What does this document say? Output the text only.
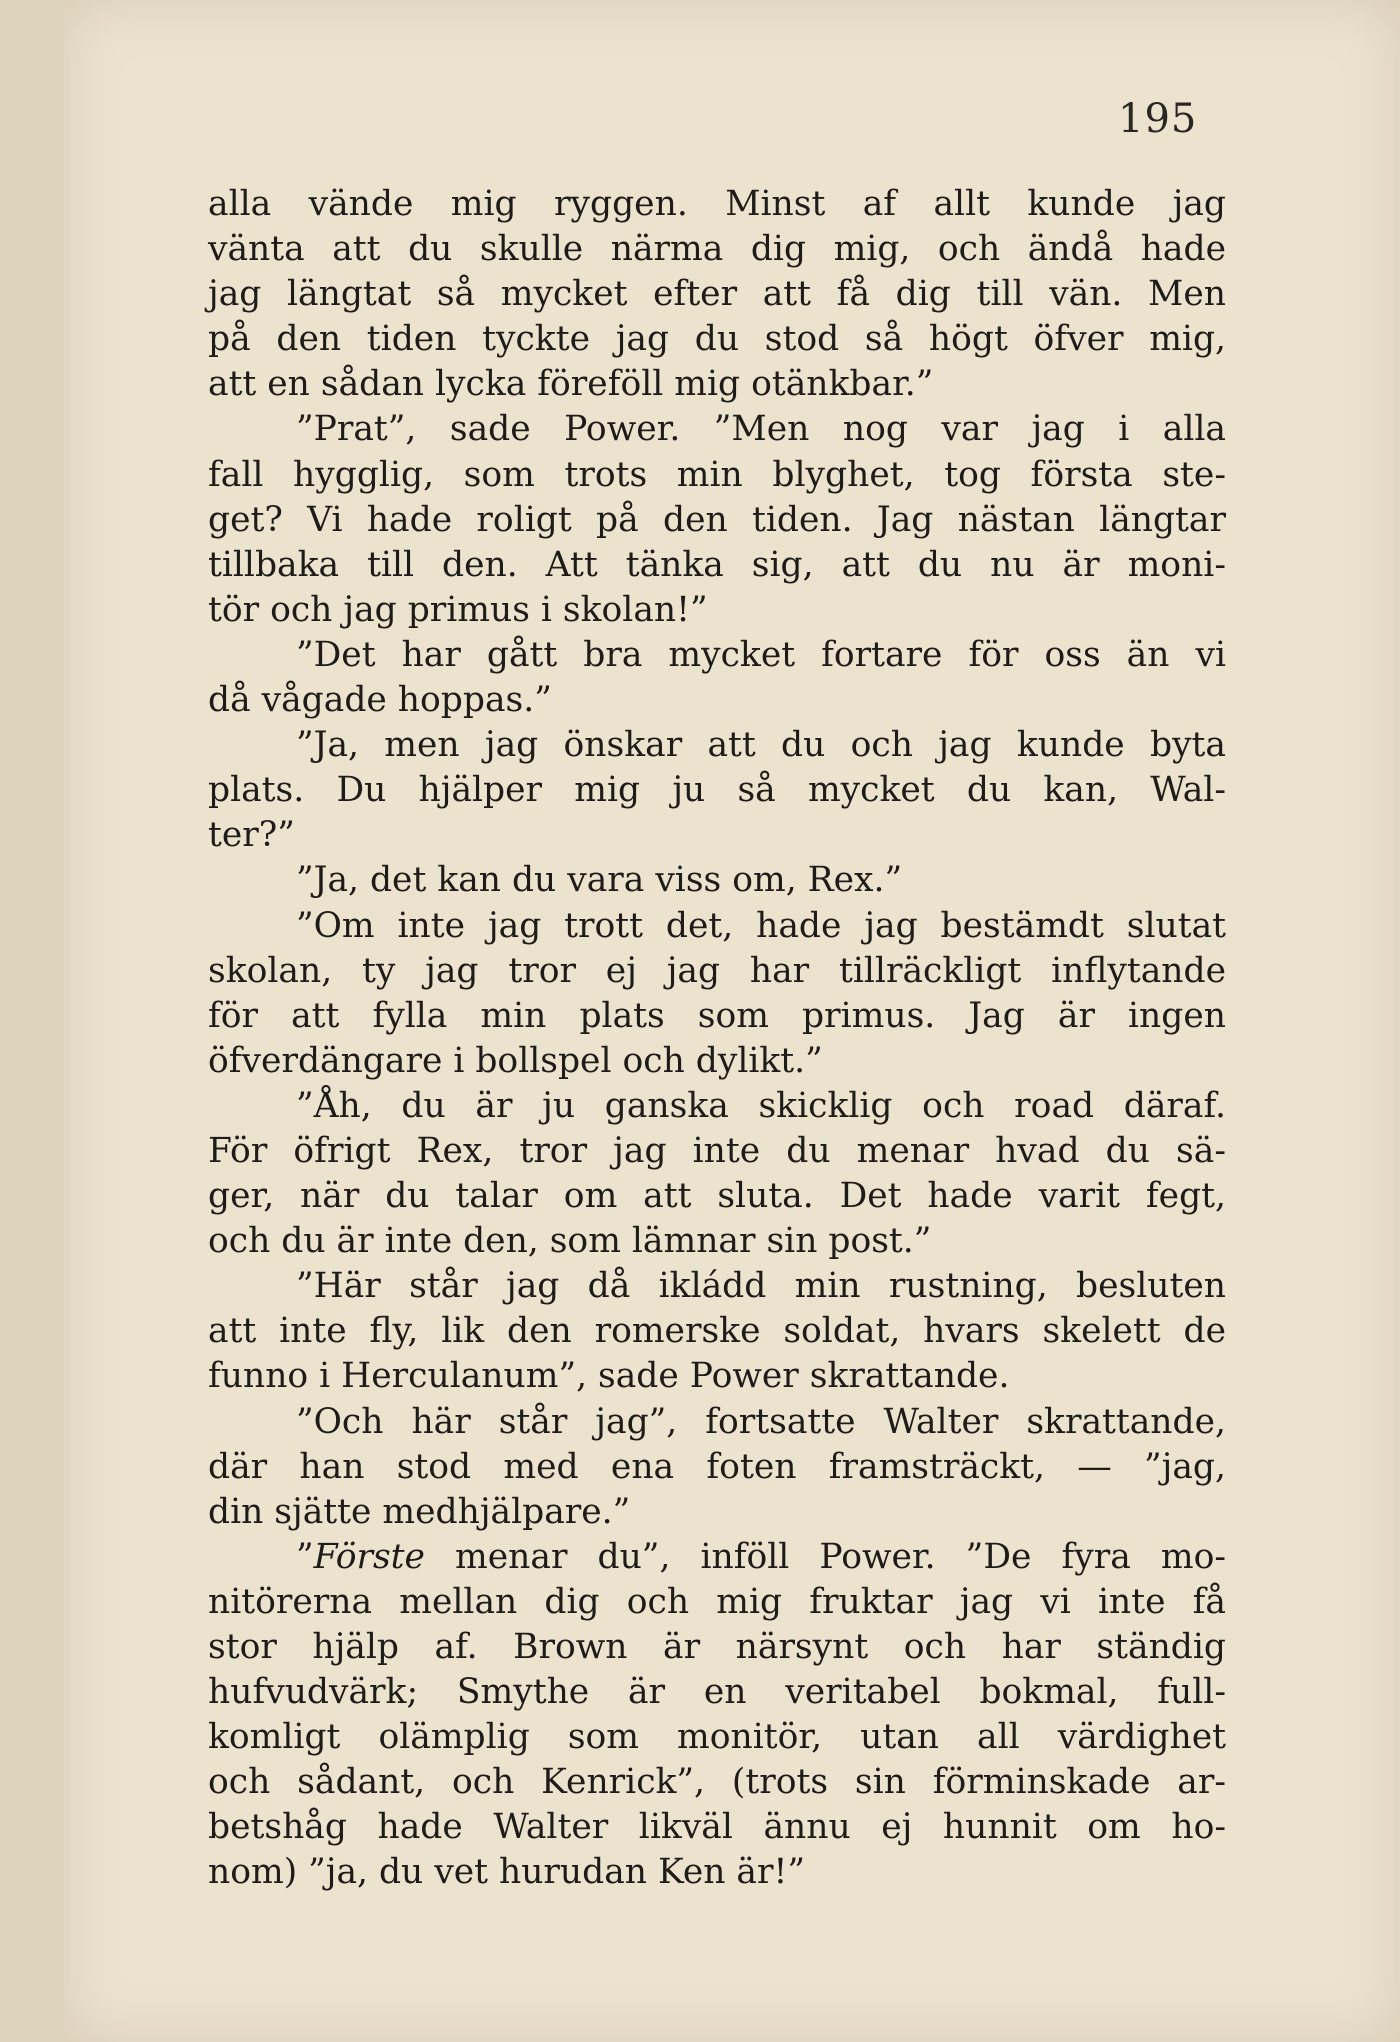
195
alla vände mig ryggen. Minst af allt kunde jag
vänta att du skulle närma dig mig, och ändå hade
jag längtat så mycket efter att få dig till vän. Men
på den tiden tyckte jag du stod så högt öfver mig,
att en sådan lycka föreföll mig otänkbar.”
”Prat”, sade Power. ”Men nog var jag i alla
fall hygglig, som trots min blyghet, tog första ste-
get? Vi hade roligt på den tiden. Jag nästan längtar
tillbaka till den. Att tänka sig, att du nu är moni-
tör och jag primus i skolan!”
”Det har gått bra mycket fortare för oss än vi
då vågade hoppas.”
”Ja, men jag önskar att du och jag kunde byta
plats. Du hjälper mig ju så mycket du kan, Wal-
ter?”
”Ja, det kan du vara viss om, Rex.”
”Om inte jag trott det, hade jag bestämdt slutat
skolan, ty jag tror ej jag har tillräckligt inflytande
för att fylla min plats som primus. Jag är ingen
öfverdängare i bollspel och dylikt.”
”Åh, du är ju ganska skicklig och road däraf.
För öfrigt Rex, tror jag inte du menar hvad du sä-
ger, när du talar om att sluta. Det hade varit fegt,
och du är inte den, som lämnar sin post.”
”Här står jag då ikládd min rustning, besluten
att inte fly, lik den romerske soldat, hvars skelett de
funno i Herculanum”, sade Power skrattande.
”Och här står jag”, fortsatte Walter skrattande,
där han stod med ena foten framsträckt, — ”jag,
din sjätte medhjälpare.”
”Förste menar du”, inföll Power. ”De fyra mo-
nitörerna mellan dig och mig fruktar jag vi inte få
stor hjälp af. Brown är närsynt och har ständig
hufvudvärk; Smythe är en veritabel bokmal, full-
komligt olämplig som monitör, utan all värdighet
och sådant, och Kenrick”, (trots sin förminskade ar-
betshåg hade Walter likväl ännu ej hunnit om ho-
nom) ”ja, du vet hurudan Ken är!”
